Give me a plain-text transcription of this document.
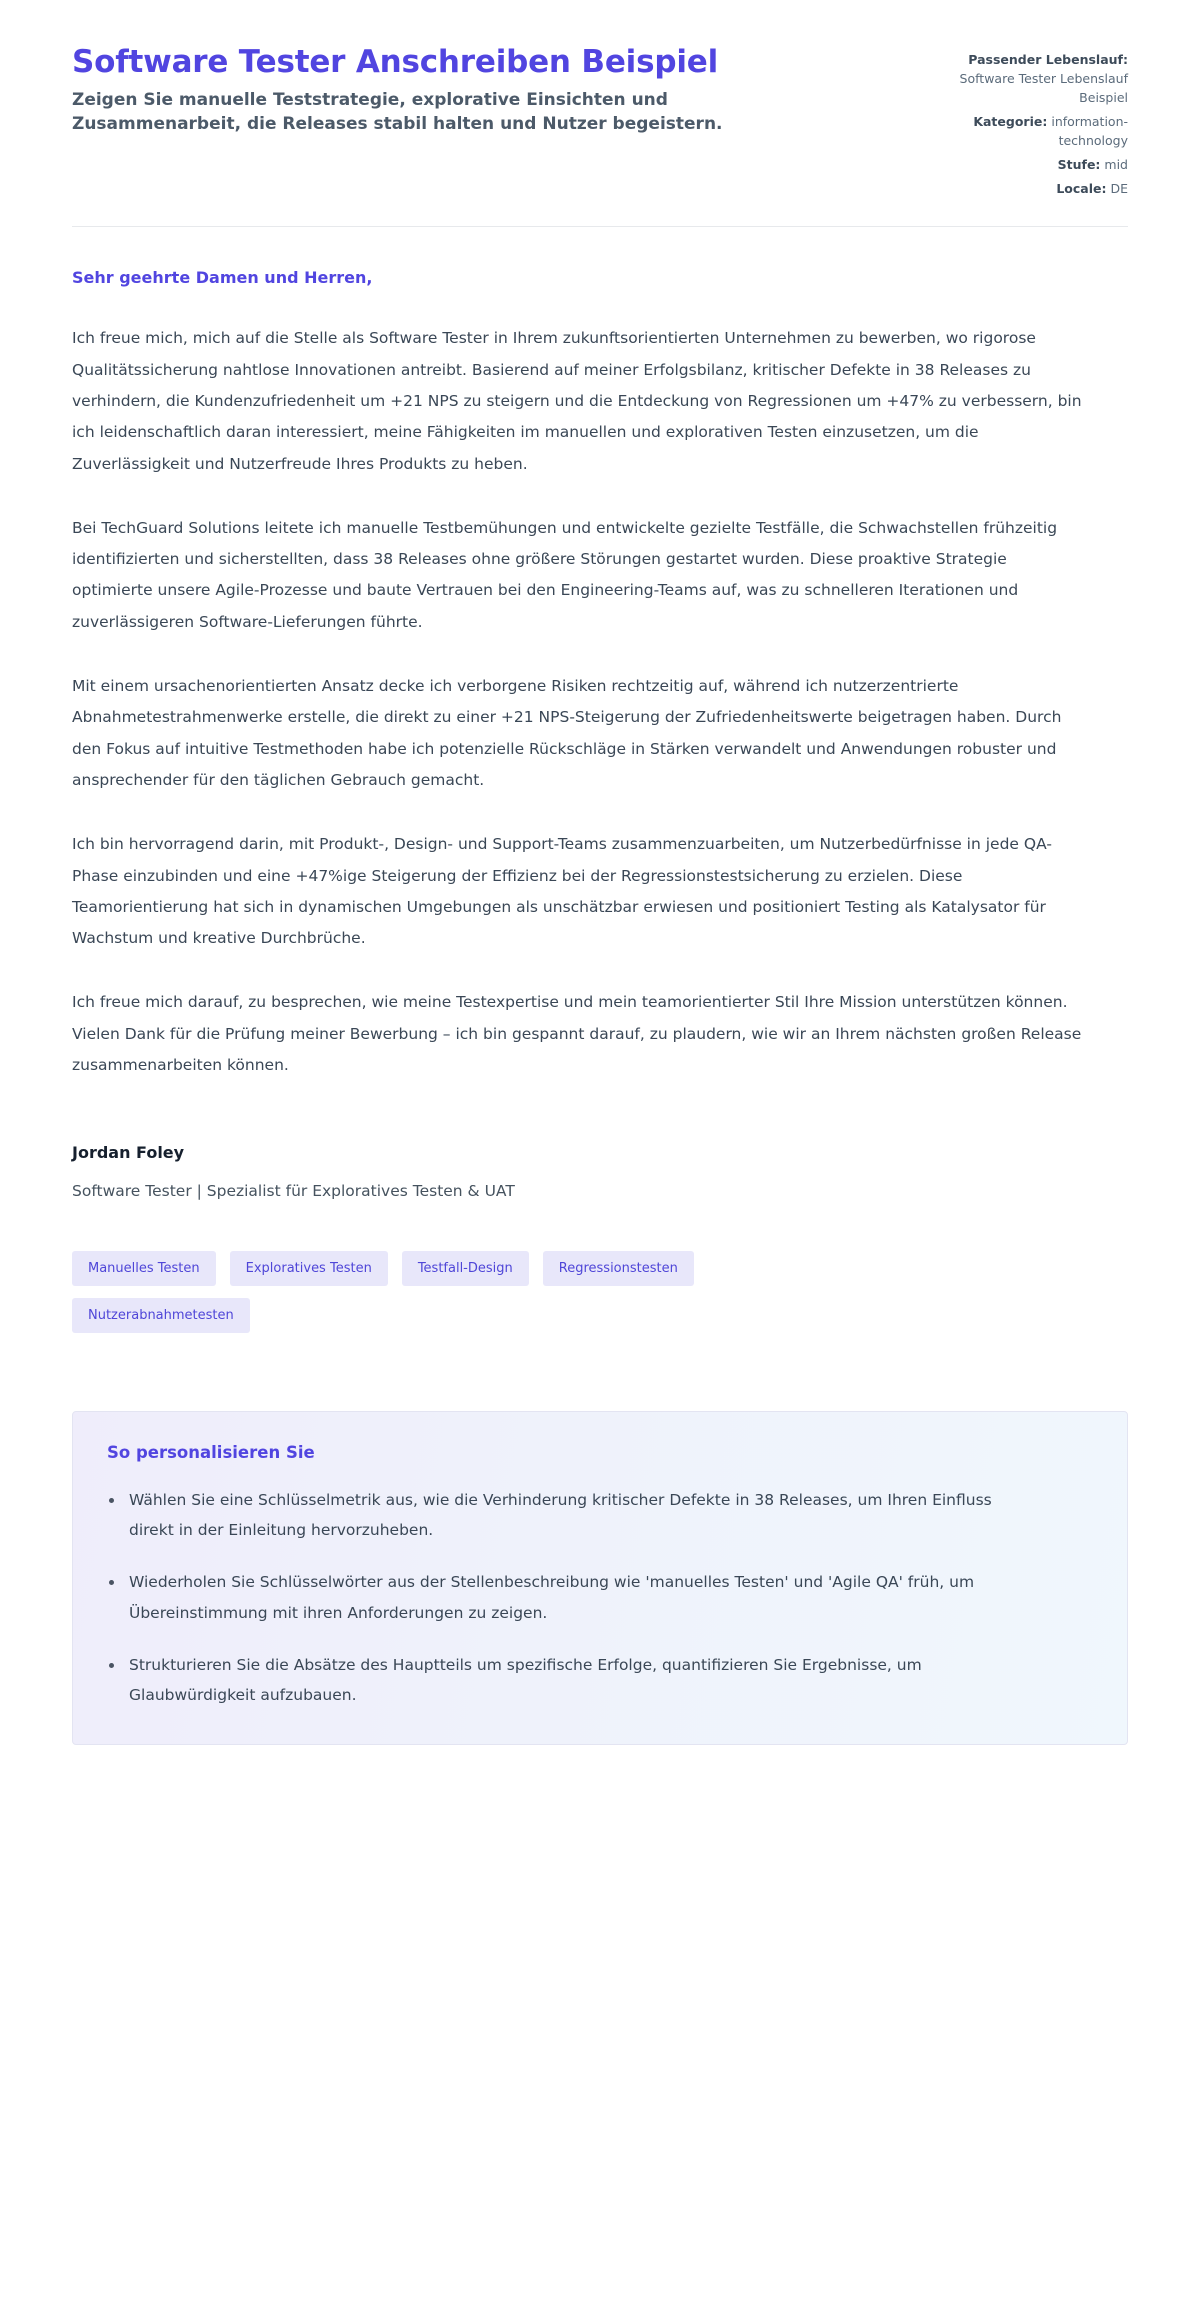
Software Tester Anschreiben Beispiel

Zeigen Sie manuelle Teststrategie, explorative Einsichten und Zusammenarbeit, die Releases stabil halten und Nutzer begeistern.

Passender Lebenslauf: Software Tester Lebenslauf Beispiel
Kategorie: information-technology
Stufe: mid
Locale: DE

Sehr geehrte Damen und Herren,

Ich freue mich, mich auf die Stelle als Software Tester in Ihrem zukunftsorientierten Unternehmen zu bewerben, wo rigorose Qualitätssicherung nahtlose Innovationen antreibt. Basierend auf meiner Erfolgsbilanz, kritischer Defekte in 38 Releases zu verhindern, die Kundenzufriedenheit um +21 NPS zu steigern und die Entdeckung von Regressionen um +47% zu verbessern, bin ich leidenschaftlich daran interessiert, meine Fähigkeiten im manuellen und explorativen Testen einzusetzen, um die Zuverlässigkeit und Nutzerfreude Ihres Produkts zu heben.

Bei TechGuard Solutions leitete ich manuelle Testbemühungen und entwickelte gezielte Testfälle, die Schwachstellen frühzeitig identifizierten und sicherstellten, dass 38 Releases ohne größere Störungen gestartet wurden. Diese proaktive Strategie optimierte unsere Agile-Prozesse und baute Vertrauen bei den Engineering-Teams auf, was zu schnelleren Iterationen und zuverlässigeren Software-Lieferungen führte.

Mit einem ursachenorientierten Ansatz decke ich verborgene Risiken rechtzeitig auf, während ich nutzerzentrierte Abnahmetestrahmenwerke erstelle, die direkt zu einer +21 NPS-Steigerung der Zufriedenheitswerte beigetragen haben. Durch den Fokus auf intuitive Testmethoden habe ich potenzielle Rückschläge in Stärken verwandelt und Anwendungen robuster und ansprechender für den täglichen Gebrauch gemacht.

Ich bin hervorragend darin, mit Produkt-, Design- und Support-Teams zusammenzuarbeiten, um Nutzerbedürfnisse in jede QA-Phase einzubinden und eine +47%ige Steigerung der Effizienz bei der Regressionstestsicherung zu erzielen. Diese Teamorientierung hat sich in dynamischen Umgebungen als unschätzbar erwiesen und positioniert Testing als Katalysator für Wachstum und kreative Durchbrüche.

Ich freue mich darauf, zu besprechen, wie meine Testexpertise und mein teamorientierter Stil Ihre Mission unterstützen können. Vielen Dank für die Prüfung meiner Bewerbung – ich bin gespannt darauf, zu plaudern, wie wir an Ihrem nächsten großen Release zusammenarbeiten können.

Jordan Foley
Software Tester | Spezialist für Exploratives Testen & UAT
Manuelles Testen	Exploratives Testen	Testfall-Design	Regressionstesten
Nutzerabnahmetesten
So personalisieren Sie
Wählen Sie eine Schlüsselmetrik aus, wie die Verhinderung kritischer Defekte in 38 Releases, um Ihren Einfluss direkt in der Einleitung hervorzuheben.
Wiederholen Sie Schlüsselwörter aus der Stellenbeschreibung wie 'manuelles Testen' und 'Agile QA' früh, um Übereinstimmung mit ihren Anforderungen zu zeigen.
Strukturieren Sie die Absätze des Hauptteils um spezifische Erfolge, quantifizieren Sie Ergebnisse, um Glaubwürdigkeit aufzubauen.
